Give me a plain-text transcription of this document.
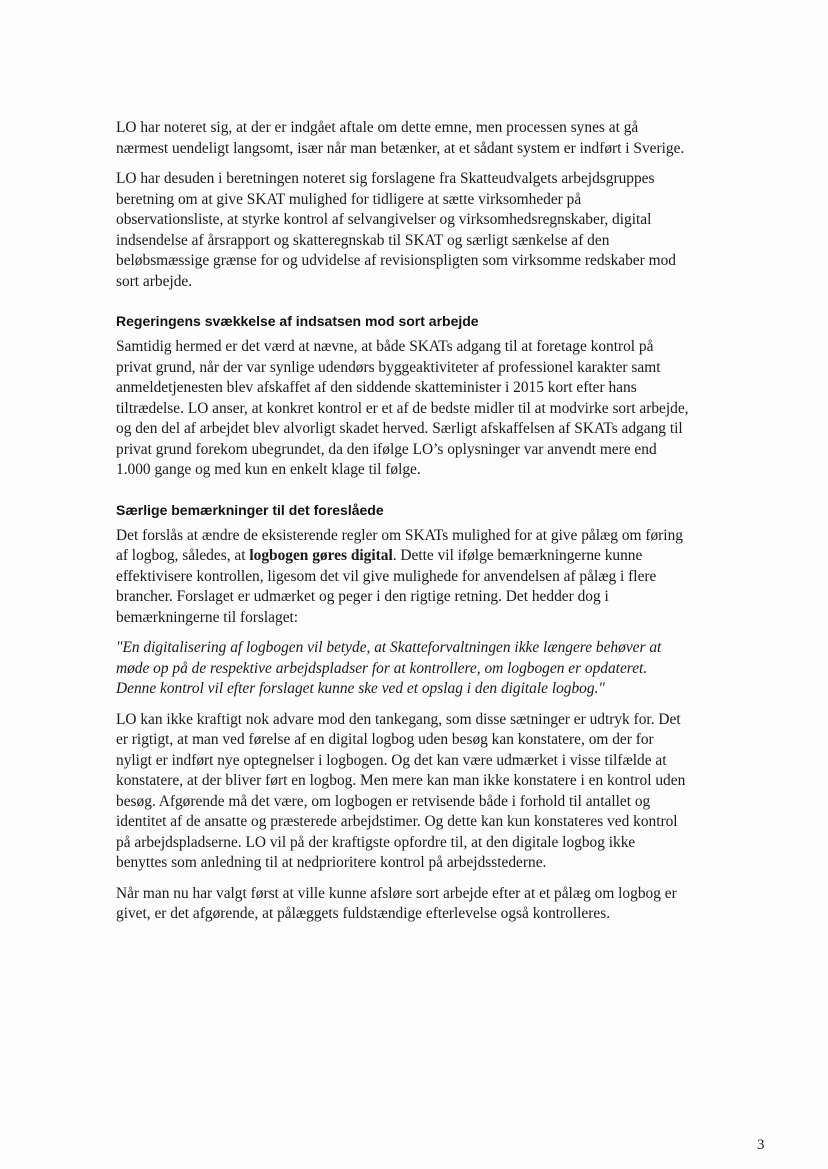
LO har noteret sig, at der er indgået aftale om dette emne, men processen synes at gå nærmest uendeligt langsomt, især når man betænker, at et sådant system er indført i Sverige.

LO har desuden i beretningen noteret sig forslagene fra Skatteudvalgets arbejdsgruppes beretning om at give SKAT mulighed for tidligere at sætte virksomheder på observationsliste, at styrke kontrol af selvangivelser og virksomhedsregnskaber, digital indsendelse af årsrapport og skatteregnskab til SKAT og særligt sænkelse af den beløbsmæssige grænse for og udvidelse af revisionspligten som virksomme redskaber mod sort arbejde.

Regeringens svækkelse af indsatsen mod sort arbejde

Samtidig hermed er det værd at nævne, at både SKATs adgang til at foretage kontrol på privat grund, når der var synlige udendørs byggeaktiviteter af professionel karakter samt anmeldetjenesten blev afskaffet af den siddende skatteminister i 2015 kort efter hans tiltrædelse. LO anser, at konkret kontrol er et af de bedste midler til at modvirke sort arbejde, og den del af arbejdet blev alvorligt skadet herved. Særligt afskaffelsen af SKATs adgang til privat grund forekom ubegrundet, da den ifølge LO’s oplysninger var anvendt mere end 1.000 gange og med kun en enkelt klage til følge.

Særlige bemærkninger til det foreslåede

Det forslås at ændre de eksisterende regler om SKATs mulighed for at give pålæg om føring af logbog, således, at logbogen gøres digital. Dette vil ifølge bemærkningerne kunne effektivisere kontrollen, ligesom det vil give mulighede for anvendelsen af pålæg i flere brancher. Forslaget er udmærket og peger i den rigtige retning. Det hedder dog i bemærkningerne til forslaget:

"En digitalisering af logbogen vil betyde, at Skatteforvaltningen ikke længere behøver at møde op på de respektive arbejdspladser for at kontrollere, om logbogen er opdateret. Denne kontrol vil efter forslaget kunne ske ved et opslag i den digitale logbog."

LO kan ikke kraftigt nok advare mod den tankegang, som disse sætninger er udtryk for. Det er rigtigt, at man ved førelse af en digital logbog uden besøg kan konstatere, om der for nyligt er indført nye optegnelser i logbogen. Og det kan være udmærket i visse tilfælde at konstatere, at der bliver ført en logbog. Men mere kan man ikke konstatere i en kontrol uden besøg. Afgørende må det være, om logbogen er retvisende både i forhold til antallet og identitet af de ansatte og præsterede arbejdstimer. Og dette kan kun konstateres ved kontrol på arbejdspladserne. LO vil på der kraftigste opfordre til, at den digitale logbog ikke benyttes som anledning til at nedprioritere kontrol på arbejdsstederne.

Når man nu har valgt først at ville kunne afsløre sort arbejde efter at et pålæg om logbog er givet, er det afgørende, at pålæggets fuldstændige efterlevelse også kontrolleres.

3
